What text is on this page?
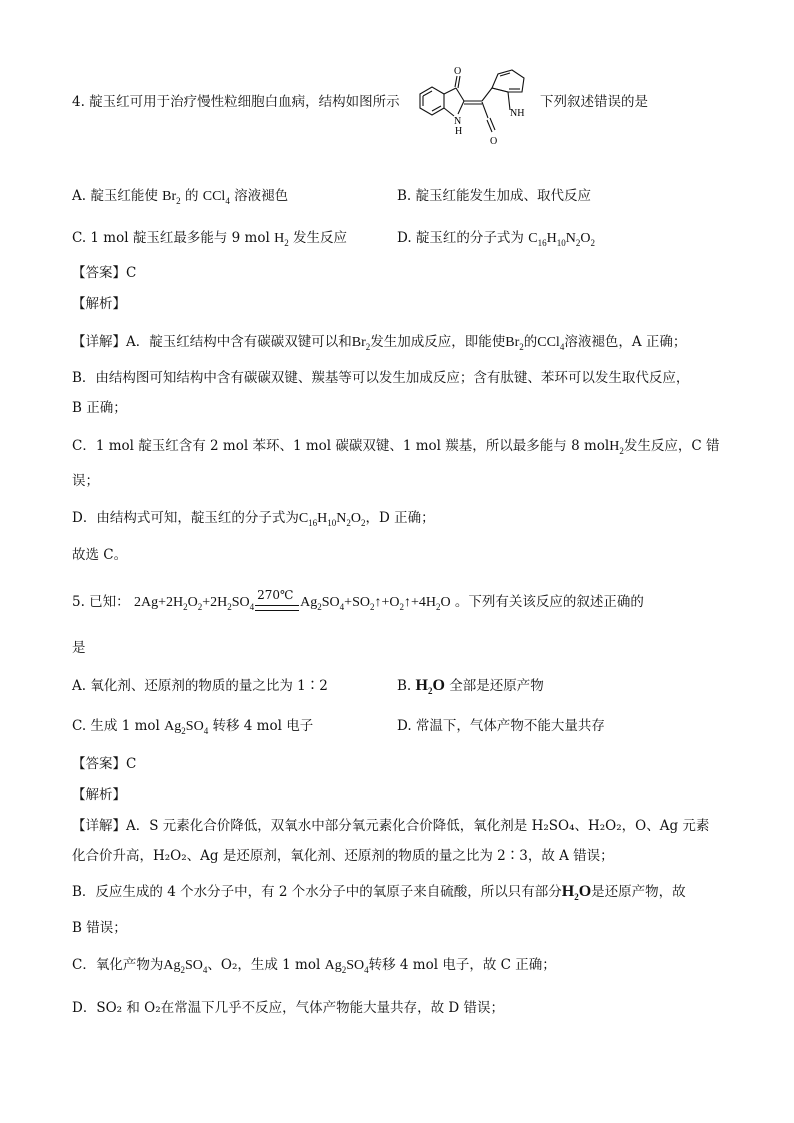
4. 靛玉红可用于治疗慢性粒细胞白血病，结构如图所示	下列叙述错误的是
O
N
H
NH
O
A. 靛玉红能使 $Br_2$ 的 CCl$_4$ 溶液褪色	B. 靛玉红能发生加成、取代反应
C. 1 mol 靛玉红最多能与 9 mol $H_2$ 发生反应	D. 靛玉红的分子式为 $C_{16}H_{10}N_2O_2$
【答案】C
【解析】
【详解】A．靛玉红结构中含有碳碳双键可以和$Br_2$发生加成反应，即能使$Br_2$的CCl$_4$溶液褪色，A 正确；
B．由结构图可知结构中含有碳碳双键、羰基等可以发生加成反应；含有肽键、苯环可以发生取代反应，
B 正确；
C．1 mol 靛玉红含有 2 mol 苯环、1 mol 碳碳双键、1 mol 羰基，所以最多能与 8 molH$_2$发生反应，C 错
误；
D．由结构式可知，靛玉红的分子式为$C_{16}H_{10}N_2O_2$，D 正确；
故选 C。
5. 已知： $2Ag+2H_2O_2+2H_2SO_4$
270℃
$Ag_2SO_4+SO_2↑+O_2↑+4H_2O$ 。下列有关该反应的叙述正确的
是
A. 氧化剂、还原剂的物质的量之比为 1∶2	B. $H_2O$ 全部是还原产物
C. 生成 1 mol $Ag_2SO_4$ 转移 4 mol 电子	D. 常温下，气体产物不能大量共存
【答案】C
【解析】
【详解】A．S 元素化合价降低，双氧水中部分氧元素化合价降低，氧化剂是 H₂SO₄、H₂O₂，O、Ag 元素
化合价升高，H₂O₂、Ag 是还原剂，氧化剂、还原剂的物质的量之比为 2∶3，故 A 错误；
B．反应生成的 4 个水分子中，有 2 个水分子中的氧原子来自硫酸，所以只有部分$H_2O$是还原产物，故
B 错误；
C．氧化产物为$Ag_2SO_4$、O₂，生成 1 mol $Ag_2SO_4$转移 4 mol 电子，故 C 正确；
D．SO₂ 和 O₂在常温下几乎不反应，气体产物能大量共存，故 D 错误；
